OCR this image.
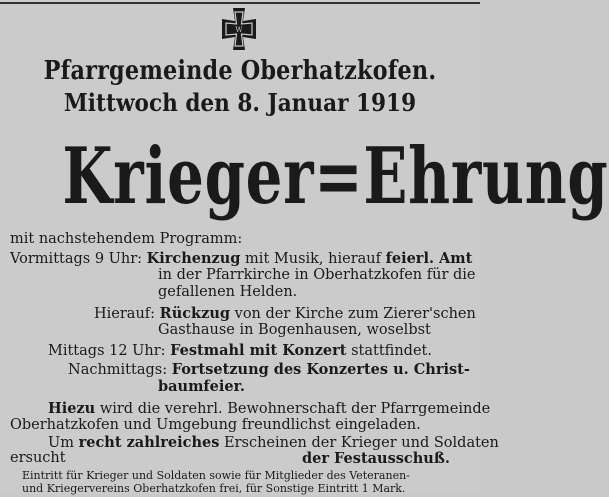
W
Pfarrgemeinde Oberhatzkofen.
Mittwoch den 8. Januar 1919
Krieger=Ehrung
mit nachstehendem Programm:
Vormittags 9 Uhr: Kirchenzug mit Musik, hierauf feierl. Amt
in der Pfarrkirche in Oberhatzkofen für die
gefallenen Helden.
Hierauf: Rückzug von der Kirche zum Zierer'schen
Gasthause in Bogenhausen, woselbst
Mittags 12 Uhr: Festmahl mit Konzert stattfindet.
Nachmittags: Fortsetzung des Konzertes u. Christ-
baumfeier.
Hiezu wird die verehrl. Bewohnerschaft der Pfarrgemeinde
Oberhatzkofen und Umgebung freundlichst eingeladen.
Um recht zahlreiches Erscheinen der Krieger und Soldaten
ersucht	der Festausschuß.
Eintritt für Krieger und Soldaten sowie für Mitglieder des Veteranen-
und Kriegervereins Oberhatzkofen frei, für Sonstige Eintritt 1 Mark.
